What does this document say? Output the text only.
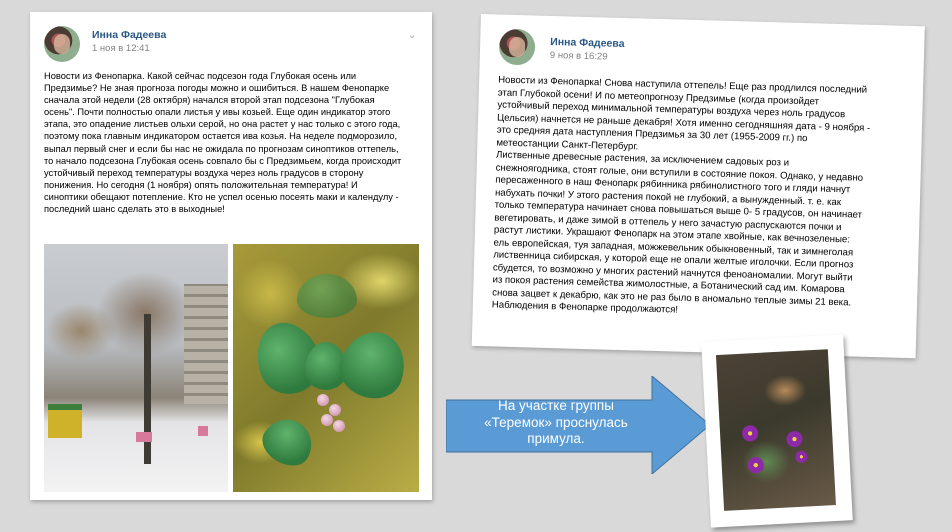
Инна Фадеева
1 ноя в 12:41
⌄
Новости из Фенопарка. Какой сейчас подсезон года Глубокая осень или
Предзимье? Не зная прогноза погоды можно и ошибиться. В нашем Фенопарке
сначала этой недели (28 октября) начался второй этап подсезона "Глубокая
осень". Почти полностью опали листья у ивы козьей. Еще один индикатор этого
этапа, это опадение листьев ольхи серой, но она растет у нас только с этого года,
поэтому пока главным индикатором остается ива козья. На неделе подморозило,
выпал первый снег и если бы нас не ожидала по прогнозам синоптиков оттепель,
то начало подсезона Глубокая осень совпало бы с Предзимьем, когда происходит
устойчивый переход температуры воздуха через ноль градусов в сторону
понижения. Но сегодня (1 ноября) опять положительная температура! И
синоптики обещают потепление. Кто не успел осенью посеять маки и календулу -
последний шанс сделать это в выходные!
Инна Фадеева
9 ноя в 16:29
Новости из Фенопарка! Снова наступила оттепель! Еще раз продлился последний
этап Глубокой осени! И по метеопрогнозу Предзимье (когда произойдет
устойчивый переход минимальной температуры воздуха через ноль градусов
Цельсия) начнется не раньше декабря! Хотя именно сегодняшняя дата - 9 ноября -
это средняя дата наступления Предзимья за 30 лет (1955-2009 гг.) по
метеостанции Санкт-Петербург.
Лиственные древесные растения, за исключением садовых роз и
снежноягодника, стоят голые, они вступили в состояние покоя. Однако, у недавно
пересаженного в наш Фенопарк рябинника рябинолистного того и гляди начнут
набухать почки! У этого растения покой не глубокий, а вынужденный. т. е. как
только температура начинает снова повышаться выше 0- 5 градусов, он начинает
вегетировать, и даже зимой в оттепель у него зачастую распускаются почки и
растут листики. Украшают Фенопарк на этом этапе хвойные, как вечнозеленые:
ель европейская, туя западная, можжевельник обыкновенный, так и зимнеголая
лиственница сибирская, у которой еще не опали желтые иголочки. Если прогноз
сбудется, то возможно у многих растений начнутся феноаномалии. Могут выйти
из покоя растения семейства жимолостные, а Ботанический сад им. Комарова
снова зацвет к декабрю, как это не раз было в аномально теплые зимы 21 века.
Наблюдения в Фенопарке продолжаются!
На участке группы
«Теремок» проснулась
примула.
